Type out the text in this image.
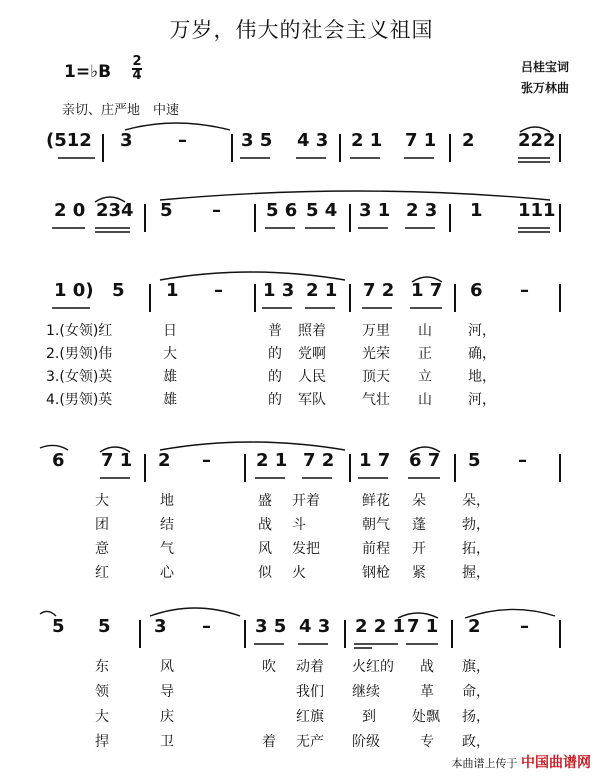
万岁，伟大的社会主义祖国
1=♭B
2
4
吕桂宝词
张万林曲
亲切、庄严地　中速
(512 3	–	3 5 4 3 2 1 7 1 2 222
2 0 234 5 –	5 6 5 4 3 1 2 3 1 111
1 0) 5 1 – 1 3 2 1 7 2 1 7 6 –
1.(女领)红	日	普 照着	万里 山	河，
2.(男领)伟	大	的 党啊	光荣 正	确，
3.(女领)英	雄	的 人民	顶天 立	地，
4.(男领)英	雄	的 军队	气壮 山	河，
6 7 1 2 –	2 1 7 2 1 7 6 7 5 –
大	地	盛 开着	鲜花 朵	朵，
团	结	战 斗	朝气 蓬	勃，
意	气	风 发把	前程 开	拓，
红	心	似 火	钢枪 紧	握，
5 5 3 – 3 5 4 3 2 2 1 7 1 2 –
东	风	吹 动着 火红的 战 旗，
领	导	我们 继续	革 命，
大	庆	红旗	到	处飘 扬，
捍	卫	着 无产 阶级	专 政，
本曲谱上传于 中国曲谱网
